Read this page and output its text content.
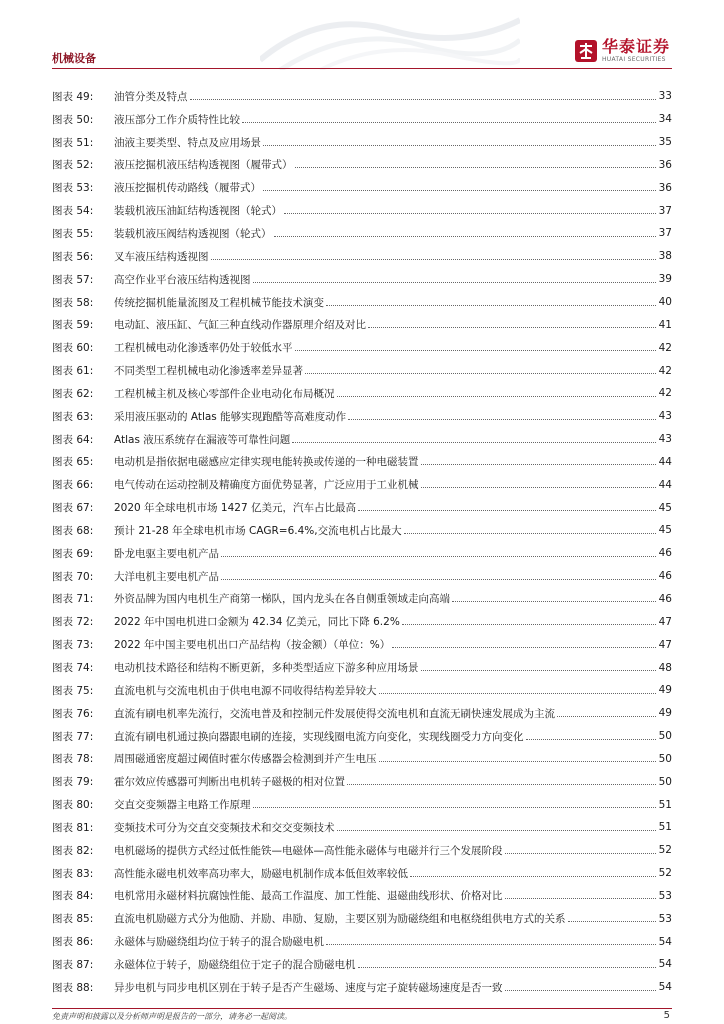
机械设备
华泰证券
HUATAI SECURITIES
图表 49:	油管分类及特点	33
图表 50:	液压部分工作介质特性比较	34
图表 51:	油液主要类型、特点及应用场景	35
图表 52:	液压挖掘机液压结构透视图（履带式）	36
图表 53:	液压挖掘机传动路线（履带式）	36
图表 54:	装载机液压油缸结构透视图（轮式）	37
图表 55:	装载机液压阀结构透视图（轮式）	37
图表 56:	叉车液压结构透视图	38
图表 57:	高空作业平台液压结构透视图	39
图表 58:	传统挖掘机能量流图及工程机械节能技术演变	40
图表 59:	电动缸、液压缸、气缸三种直线动作器原理介绍及对比	41
图表 60:	工程机械电动化渗透率仍处于较低水平	42
图表 61:	不同类型工程机械电动化渗透率差异显著	42
图表 62:	工程机械主机及核心零部件企业电动化布局概况	42
图表 63:	采用液压驱动的 Atlas 能够实现跑酷等高难度动作	43
图表 64:	Atlas 液压系统存在漏液等可靠性问题	43
图表 65:	电动机是指依据电磁感应定律实现电能转换或传递的一种电磁装置	44
图表 66:	电气传动在运动控制及精确度方面优势显著，广泛应用于工业机械	44
图表 67:	2020 年全球电机市场 1427 亿美元，汽车占比最高	45
图表 68:	预计 21-28 年全球电机市场 CAGR=6.4%,交流电机占比最大	45
图表 69:	卧龙电驱主要电机产品	46
图表 70:	大洋电机主要电机产品	46
图表 71:	外资品牌为国内电机生产商第一梯队，国内龙头在各自侧重领域走向高端	46
图表 72:	2022 年中国电机进口金额为 42.34 亿美元，同比下降 6.2%	47
图表 73:	2022 年中国主要电机出口产品结构（按金额）（单位：%）	47
图表 74:	电动机技术路径和结构不断更新，多种类型适应下游多种应用场景	48
图表 75:	直流电机与交流电机由于供电电源不同收得结构差异较大	49
图表 76:	直流有刷电机率先流行，交流电普及和控制元件发展使得交流电机和直流无刷快速发展成为主流	49
图表 77:	直流有刷电机通过换向器跟电刷的连接，实现线圈电流方向变化，实现线圈受力方向变化	50
图表 78:	周围磁通密度超过阈值时霍尔传感器会检测到并产生电压	50
图表 79:	霍尔效应传感器可判断出电机转子磁极的相对位置	50
图表 80:	交直交变频器主电路工作原理	51
图表 81:	变频技术可分为交直交变频技术和交交变频技术	51
图表 82:	电机磁场的提供方式经过低性能铁—电磁体—高性能永磁体与电磁并行三个发展阶段	52
图表 83:	高性能永磁电机效率高功率大，励磁电机制作成本低但效率较低	52
图表 84:	电机常用永磁材料抗腐蚀性能、最高工作温度、加工性能、退磁曲线形状、价格对比	53
图表 85:	直流电机励磁方式分为他励、并励、串励、复励，主要区别为励磁绕组和电枢绕组供电方式的关系	53
图表 86:	永磁体与励磁绕组均位于转子的混合励磁电机	54
图表 87:	永磁体位于转子，励磁绕组位于定子的混合励磁电机	54
图表 88:	异步电机与同步电机区别在于转子是否产生磁场、速度与定子旋转磁场速度是否一致	54
免责声明和披露以及分析师声明是报告的一部分，请务必一起阅读。	5
